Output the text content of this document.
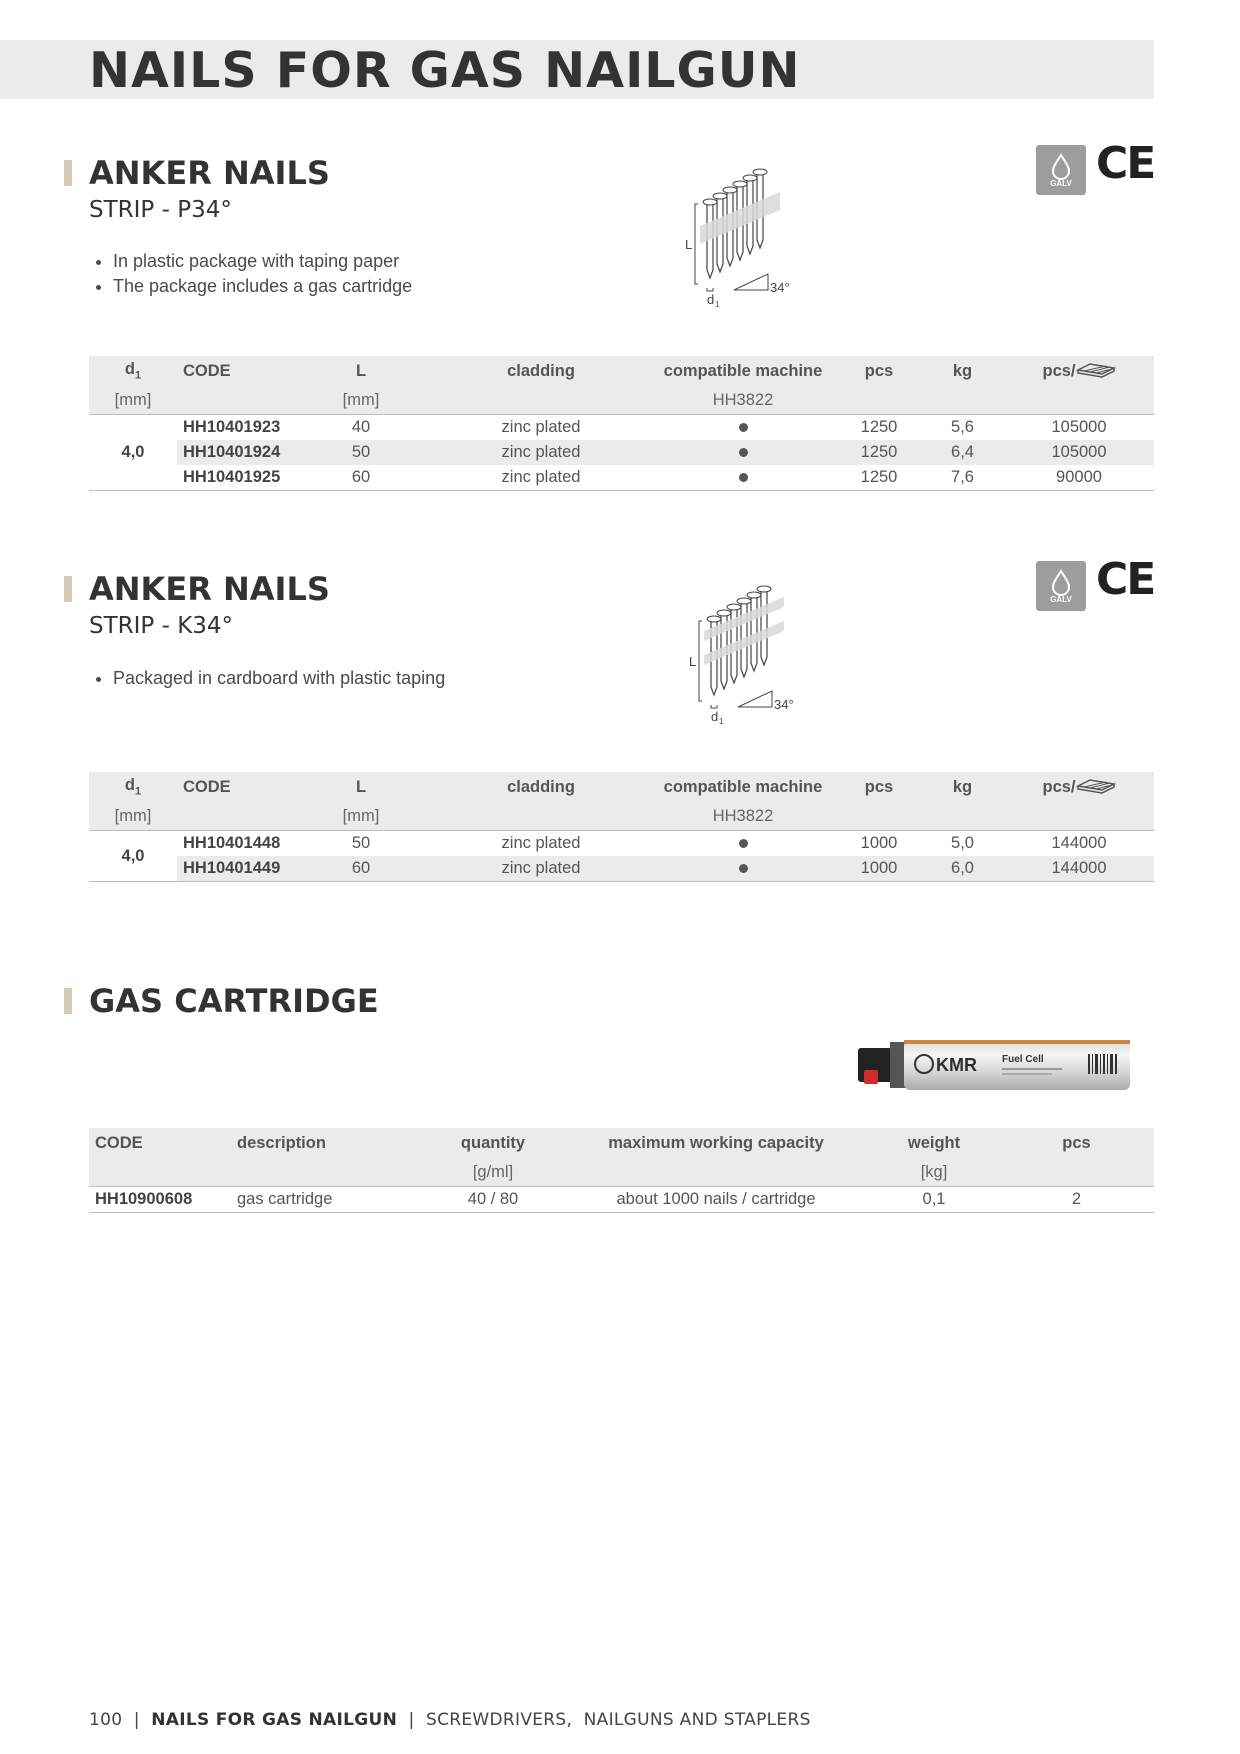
NAILS FOR GAS NAILGUN
ANKER NAILS
STRIP - P34°
• In plastic package with taping paper
• The package includes a gas cartridge
L
d 1
34°
GALV CE
$d_1$	CODE	L	cladding	compatible machine	pcs	kg	pcs/
[mm]		[mm]		HH3822			
4,0	HH10401923	40	zinc plated		1250	5,6	105000
	HH10401924	50	zinc plated		1250	6,4	105000
	HH10401925	60	zinc plated		1250	7,6	90000
ANKER NAILS
STRIP - K34°
• Packaged in cardboard with plastic taping
L
d 1
34°
GALV CE
$d_1$	CODE	L	cladding	compatible machine	pcs	kg	pcs/
[mm]		[mm]		HH3822			
4,0	HH10401448	50	zinc plated		1000	5,0	144000
	HH10401449	60	zinc plated		1000	6,0	144000
GAS CARTRIDGE
KMR	Fuel Cell
CODE	description	quantity	maximum working capacity	weight	pcs
		[g/ml]		[kg]	
HH10900608	gas cartridge	40 / 80	about 1000 nails / cartridge	0,1	2
100 | NAILS FOR GAS NAILGUN | SCREWDRIVERS,  NAILGUNS AND STAPLERS
